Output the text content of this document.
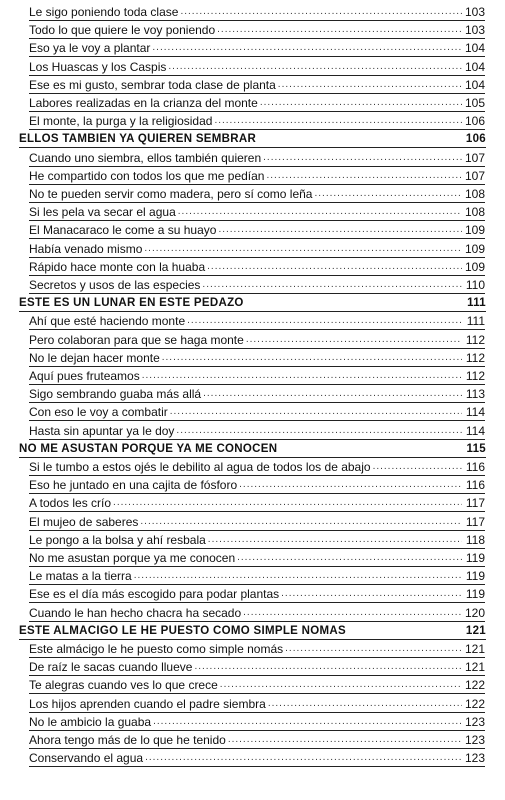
Le sigo poniendo toda clase .....	103
Todo lo que quiere le voy poniendo .....	103
Eso ya le voy a plantar .....	104
Los Huascas y los Caspis .....	104
Ese es mi gusto, sembrar toda clase de planta .....	104
Labores realizadas en la crianza del monte .....	105
El monte, la purga y la religiosidad .....	106
ELLOS TAMBIEN YA QUIEREN SEMBRAR	106
Cuando uno siembra, ellos también quieren .....	107
He compartido con todos los que me pedían .....	107
No te pueden servir como madera, pero sí como leña .....	108
Si les pela va secar el agua .....	108
El Manacaraco le come a su huayo .....	109
Había venado mismo .....	109
Rápido hace monte con la huaba .....	109
Secretos y usos de las especies .....	110
ESTE ES UN LUNAR EN ESTE PEDAZO	111
Ahí que esté haciendo monte .....	111
Pero colaboran para que se haga monte .....	112
No le dejan hacer monte .....	112
Aquí pues fruteamos .....	112
Sigo sembrando guaba más allá .....	113
Con eso le voy a combatir .....	114
Hasta sin apuntar ya le doy .....	114
NO ME ASUSTAN PORQUE YA ME CONOCEN	115
Si le tumbo a estos ojés le debilito al agua de todos los de abajo .....	116
Eso he juntado en una cajita de fósforo .....	116
A todos les crío .....	117
El mujeo de saberes .....	117
Le pongo a la bolsa y ahí resbala .....	118
No me asustan porque ya me conocen .....	119
Le matas a la tierra .....	119
Ese es el día más escogido para podar plantas .....	119
Cuando le han hecho chacra ha secado .....	120
ESTE ALMACIGO LE HE PUESTO COMO SIMPLE NOMAS	121
Este almácigo le he puesto como simple nomás .....	121
De raíz le sacas cuando llueve .....	121
Te alegras cuando ves lo que crece .....	122
Los hijos aprenden cuando el padre siembra .....	122
No le ambicio la guaba .....	123
Ahora tengo más de lo que he tenido .....	123
Conservando el agua .....	123
